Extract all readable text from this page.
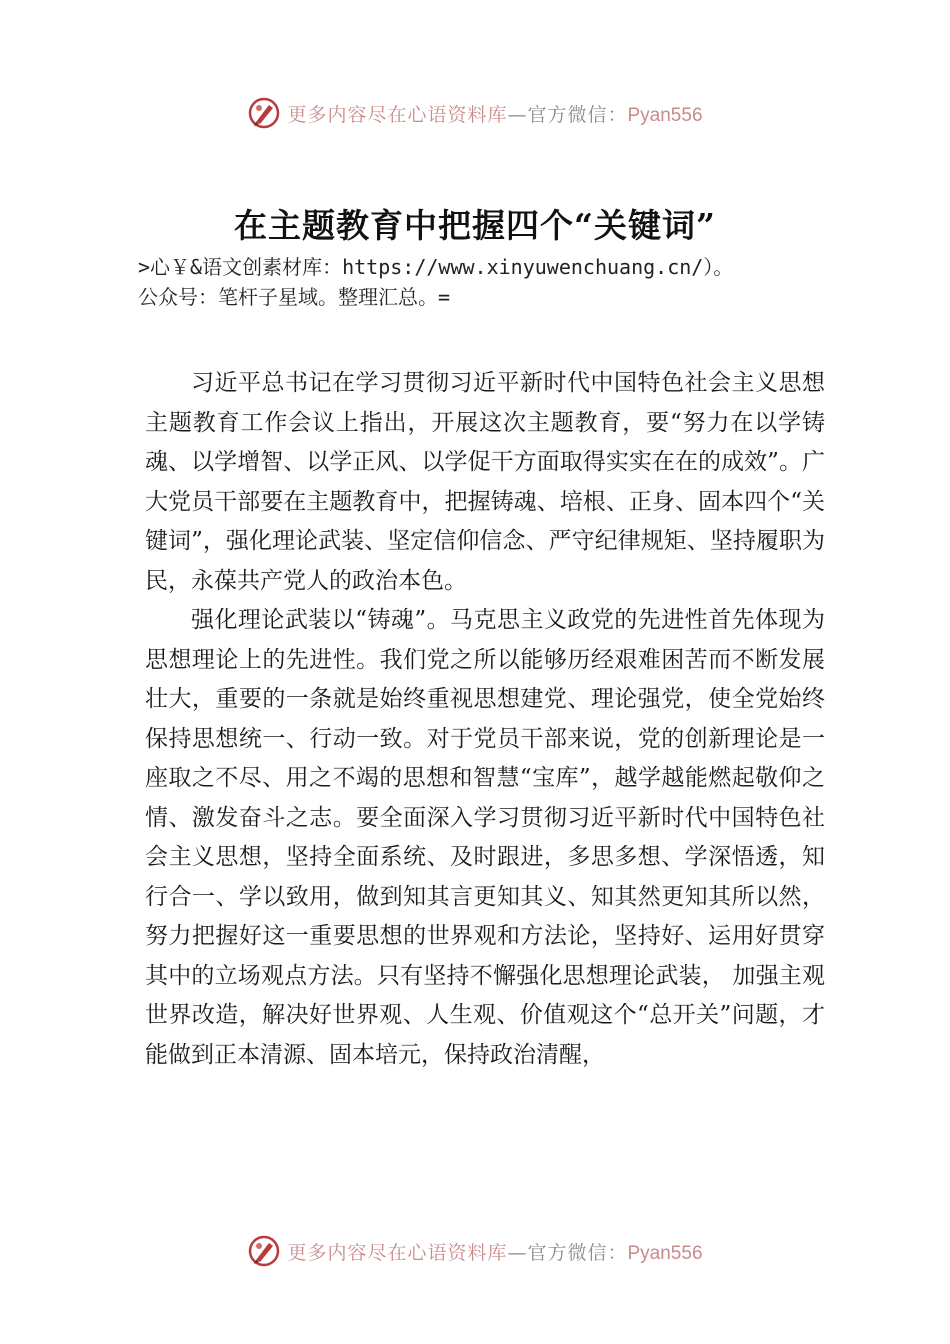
更多内容尽在心语资料库—官方微信：Pyan556
在主题教育中把握四个“关键词”
>心￥&语文创素材库：https://www.xinyuwenchuang.cn/）。
公众号：笔杆子星域。整理汇总。=

习近平总书记在学习贯彻习近平新时代中国特色社会主义思想主题教育工作会议上指出，开展这次主题教育，要“努力在以学铸魂、以学增智、以学正风、以学促干方面取得实实在在的成效”。广大党员干部要在主题教育中，把握铸魂、培根、正身、固本四个“关键词”，强化理论武装、坚定信仰信念、严守纪律规矩、坚持履职为民，永葆共产党人的政治本色。

强化理论武装以“铸魂”。马克思主义政党的先进性首先体现为思想理论上的先进性。我们党之所以能够历经艰难困苦而不断发展壮大，重要的一条就是始终重视思想建党、理论强党，使全党始终保持思想统一、行动一致。对于党员干部来说，党的创新理论是一座取之不尽、用之不竭的思想和智慧“宝库”，越学越能燃起敬仰之情、激发奋斗之志。要全面深入学习贯彻习近平新时代中国特色社会主义思想，坚持全面系统、及时跟进，多思多想、学深悟透，知行合一、学以致用，做到知其言更知其义、知其然更知其所以然，努力把握好这一重要思想的世界观和方法论，坚持好、运用好贯穿其中的立场观点方法。只有坚持不懈强化思想理论武装， 加强主观世界改造，解决好世界观、人生观、价值观这个“总开关”问题，才能做到正本清源、固本培元，保持政治清醒，

更多内容尽在心语资料库—官方微信：Pyan556
